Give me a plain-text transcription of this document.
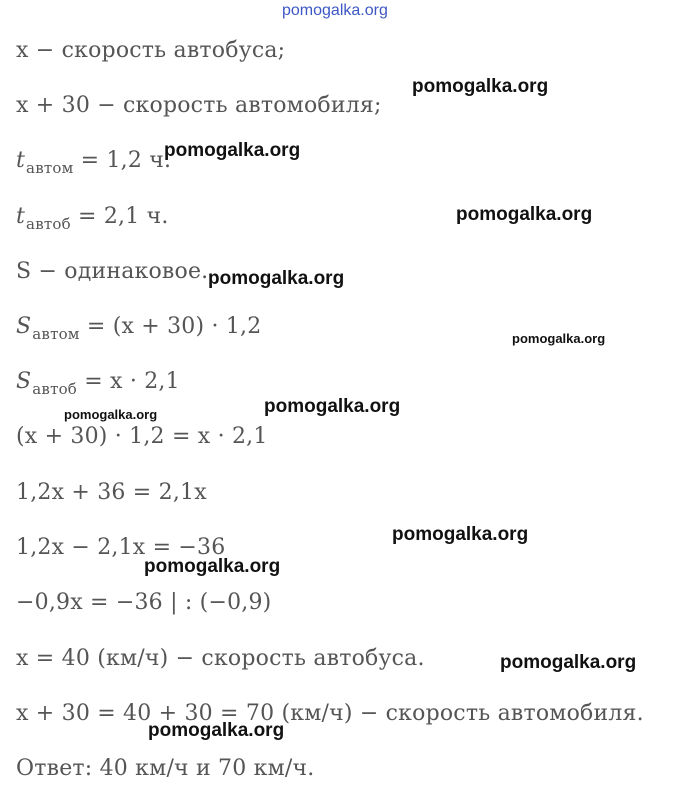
pomogalka.org
x − скорость автобуса;
x + 30 − скорость автомобиля;
$t_{автом} = 1,2$ ч.
$t_{автоб} = 2,1$ ч.
S − одинаковое.
$S_{автом} = (x + 30) \cdot 1,2$
$S_{автоб} = x \cdot 2,1$
(x + 30) · 1,2 = x · 2,1
1,2x + 36 = 2,1x
1,2x − 2,1x = −36
−0,9x = −36 | : (−0,9)
x = 40 (км/ч) − скорость автобуса.
x + 30 = 40 + 30 = 70 (км/ч) − скорость автомобиля.
Ответ: 40 км/ч и 70 км/ч.
pomogalka.org
pomogalka.org
pomogalka.org
pomogalka.org
pomogalka.org
pomogalka.org	pomogalka.org
pomogalka.org
pomogalka.org
pomogalka.org
pomogalka.org
